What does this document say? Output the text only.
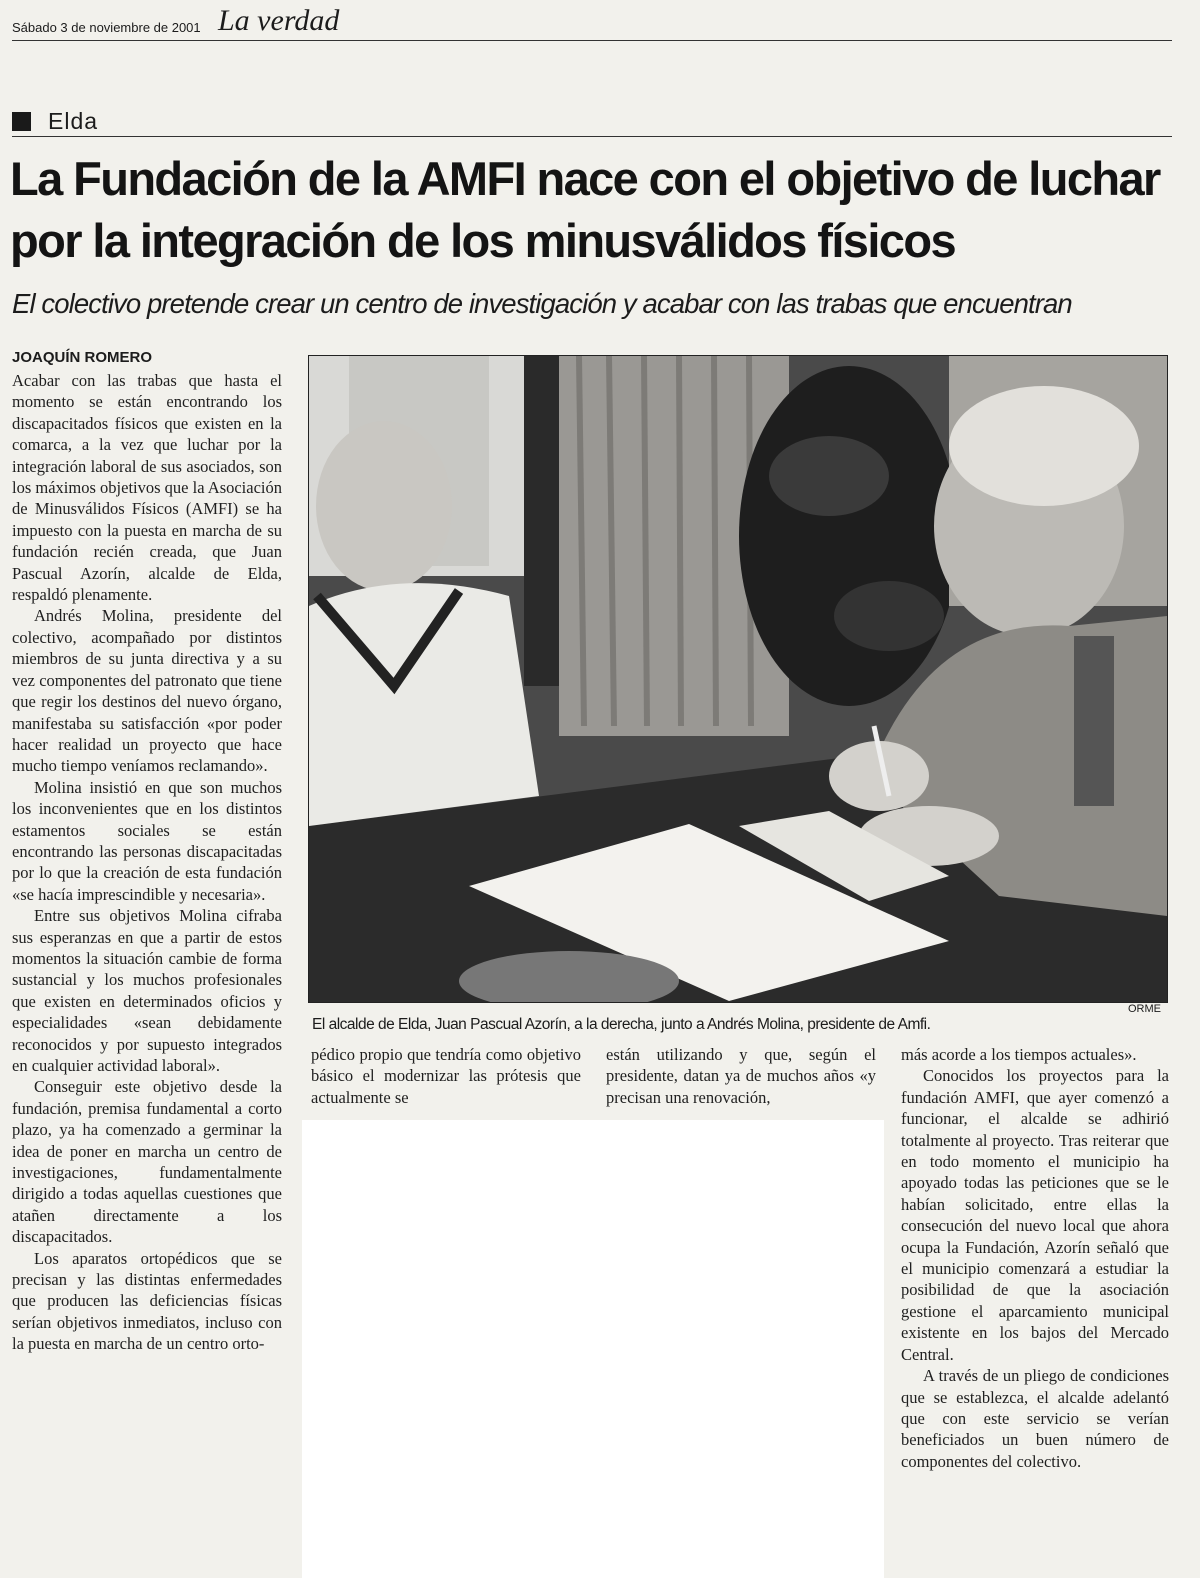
Sábado 3 de noviembre de 2001 La verdad
Elda
La Fundación de la AMFI nace con el objetivo de luchar por la integración de los minusválidos físicos
El colectivo pretende crear un centro de investigación y acabar con las trabas que encuentran
JOAQUÍN ROMERO

Acabar con las trabas que hasta el momento se están encontrando los discapacitados físicos que existen en la comarca, a la vez que luchar por la integración laboral de sus asociados, son los máximos objetivos que la Asociación de Minusválidos Físicos (AMFI) se ha impuesto con la puesta en marcha de su fundación recién creada, que Juan Pascual Azorín, alcalde de Elda, respaldó plenamente.

Andrés Molina, presidente del colectivo, acompañado por distintos miembros de su junta directiva y a su vez componentes del patronato que tiene que regir los destinos del nuevo órgano, manifestaba su satisfacción «por poder hacer realidad un proyecto que hace mucho tiempo veníamos reclamando».

Molina insistió en que son muchos los inconvenientes que en los distintos estamentos sociales se están encontrando las personas discapacitadas por lo que la creación de esta fundación «se hacía imprescindible y necesaria».

Entre sus objetivos Molina cifraba sus esperanzas en que a partir de estos momentos la situación cambie de forma sustancial y los muchos profesionales que existen en determinados oficios y especialidades «sean debidamente reconocidos y por supuesto integrados en cualquier actividad laboral».

Conseguir este objetivo desde la fundación, premisa fundamental a corto plazo, ya ha comenzado a germinar la idea de poner en marcha un centro de investigaciones, fundamentalmente dirigido a todas aquellas cuestiones que atañen directamente a los discapacitados.

Los aparatos ortopédicos que se precisan y las distintas enfermedades que producen las deficiencias físicas serían objetivos inmediatos, incluso con la puesta en marcha de un centro orto-

ORME
El alcalde de Elda, Juan Pascual Azorín, a la derecha, junto a Andrés Molina, presidente de Amfi.

pédico propio que tendría como objetivo básico el modernizar las prótesis que actualmente se

están utilizando y que, según el presidente, datan ya de muchos años «y precisan una renovación,

más acorde a los tiempos actuales».

Conocidos los proyectos para la fundación AMFI, que ayer comenzó a funcionar, el alcalde se adhirió totalmente al proyecto. Tras reiterar que en todo momento el municipio ha apoyado todas las peticiones que se le habían solicitado, entre ellas la consecución del nuevo local que ahora ocupa la Fundación, Azorín señaló que el municipio comenzará a estudiar la posibilidad de que la asociación gestione el aparcamiento municipal existente en los bajos del Mercado Central.

A través de un pliego de condiciones que se establezca, el alcalde adelantó que con este servicio se verían beneficiados un buen número de componentes del colectivo.
